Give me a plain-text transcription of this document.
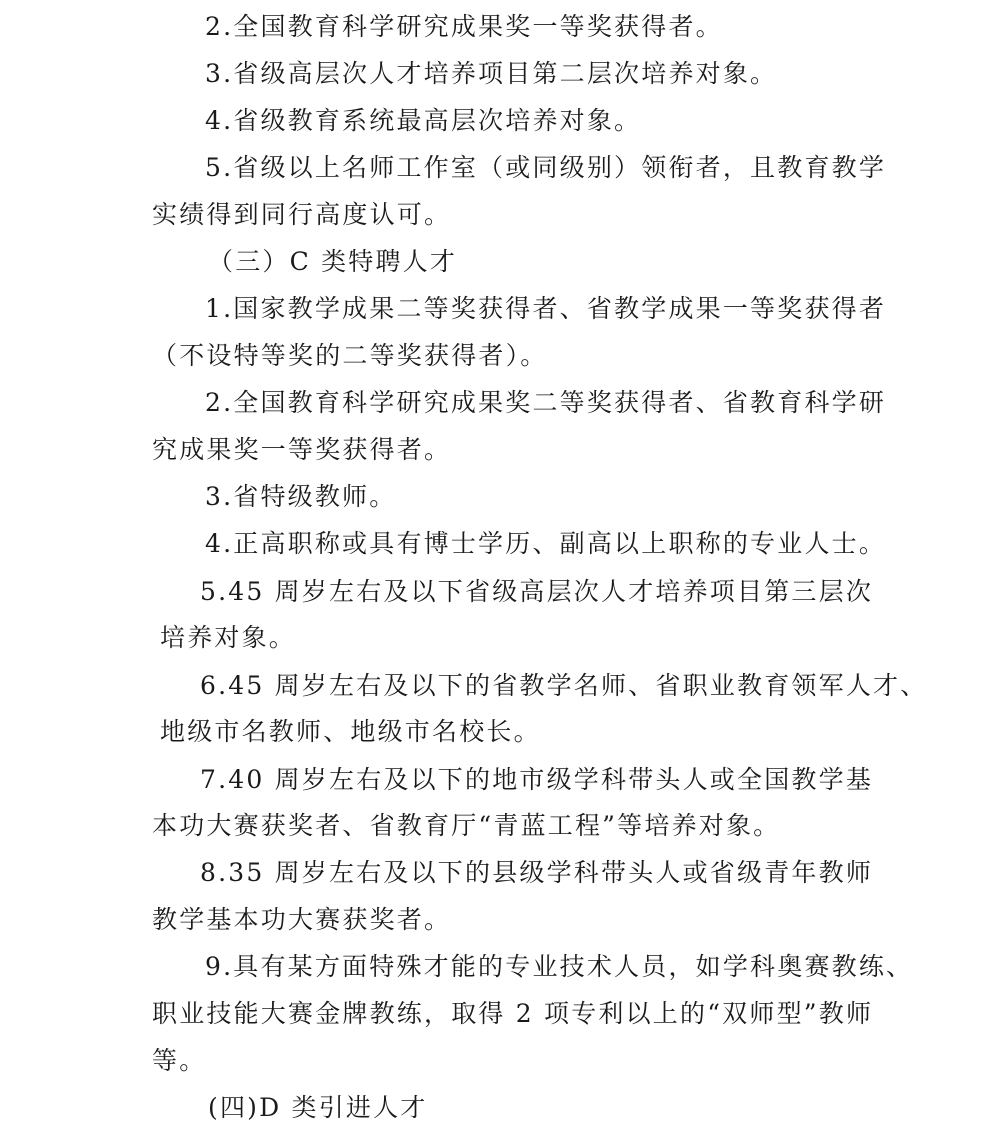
2.全国教育科学研究成果奖一等奖获得者。
3.省级高层次人才培养项目第二层次培养对象。
4.省级教育系统最高层次培养对象。
5.省级以上名师工作室（或同级别）领衔者，且教育教学
实绩得到同行高度认可。
（三）C 类特聘人才
1.国家教学成果二等奖获得者、省教学成果一等奖获得者
（不设特等奖的二等奖获得者）。
2.全国教育科学研究成果奖二等奖获得者、省教育科学研
究成果奖一等奖获得者。
3.省特级教师。
4.正高职称或具有博士学历、副高以上职称的专业人士。
5.45 周岁左右及以下省级高层次人才培养项目第三层次
培养对象。
6.45 周岁左右及以下的省教学名师、省职业教育领军人才、
地级市名教师、地级市名校长。
7.40 周岁左右及以下的地市级学科带头人或全国教学基
本功大赛获奖者、省教育厅“青蓝工程”等培养对象。
8.35 周岁左右及以下的县级学科带头人或省级青年教师
教学基本功大赛获奖者。
9.具有某方面特殊才能的专业技术人员，如学科奥赛教练、
职业技能大赛金牌教练，取得 2 项专利以上的“双师型”教师
等。
(四)D 类引进人才
